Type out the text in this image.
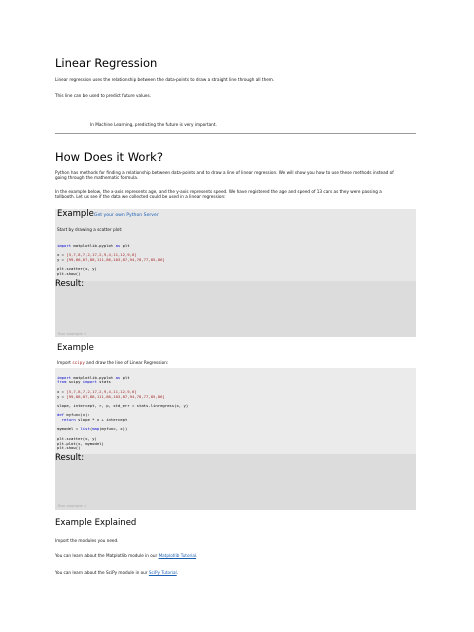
Linear Regression
Linear regression uses the relationship between the data-points to draw a straight line through all them.
This line can be used to predict future values.
In Machine Learning, predicting the future is very important.
How Does it Work?
Python has methods for finding a relationship between data-points and to draw a line of linear regression. We will show you how to use these methods instead of
going through the mathematic formula.
In the example below, the x-axis represents age, and the y-axis represents speed. We have registered the age and speed of 13 cars as they were passing a
tollbooth. Let us see if the data we collected could be used in a linear regression:
ExampleGet your own Python Server
Start by drawing a scatter plot:

import matplotlib.pyplot as plt

x = [5,7,8,7,2,17,2,9,4,11,12,9,6]
y = [99,86,87,88,111,86,103,87,94,78,77,85,86]

plt.scatter(x, y)
plt.show()

Result:
Run example »
Example
Import scipy and draw the line of Linear Regression:

import matplotlib.pyplot as plt
from scipy import stats

x = [5,7,8,7,2,17,2,9,4,11,12,9,6]
y = [99,86,87,88,111,86,103,87,94,78,77,85,86]

slope, intercept, r, p, std_err = stats.linregress(x, y)

def myfunc(x):
return slope * x + intercept

mymodel = list(map(myfunc, x))

plt.scatter(x, y)
plt.plot(x, mymodel)
plt.show()

Result:
Run example »
Example Explained
Import the modules you need.
You can learn about the Matplotlib module in our Matplotlib Tutorial.
You can learn about the SciPy module in our SciPy Tutorial.
